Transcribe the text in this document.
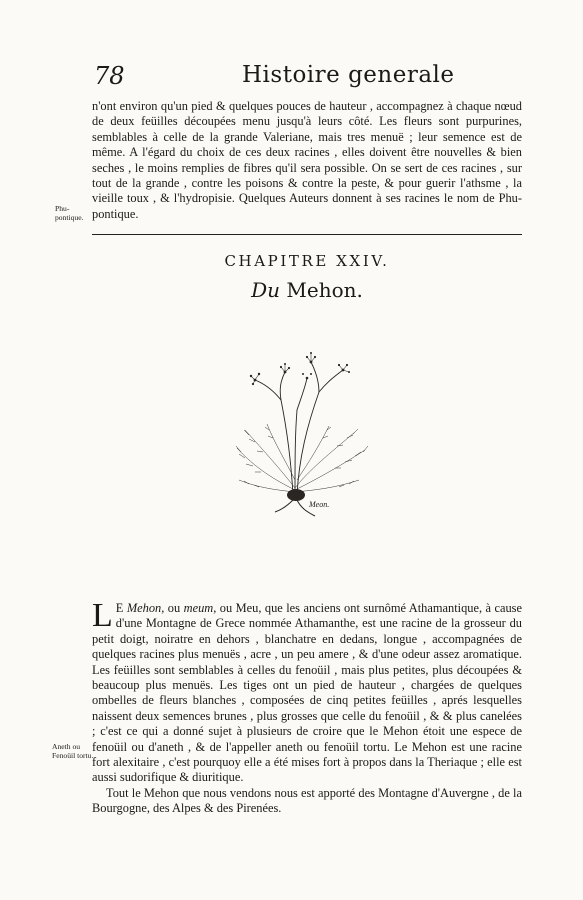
78	Histoire generale

n'ont environ qu'un pied & quelques pouces de hauteur , accompagnez à chaque nœud de deux feüilles découpées menu jusqu'à leurs côté. Les fleurs sont purpurines, semblables à celle de la grande Valeriane, mais tres menuë ; leur semence est de même. A l'égard du choix de ces deux racines , elles doivent être nouvelles & bien seches , le moins remplies de fibres qu'il sera possible. On se sert de ces racines , sur tout de la grande , contre les poisons & contre la peste, & pour guerir l'athsme , la vieille toux , & l'hydropisie. Quelques Auteurs donnent à ses racines le nom de Phu-pontique.

Phu-pontique.
CHAPITRE XXIV.
Du Mehon.
Meon.

L E Mehon, ou meum, ou Meu, que les anciens ont surnômé Athamantique, à cause d'une Montagne de Grece nommée Athamanthe, est une racine de la grosseur du petit doigt, noiratre en dehors , blanchatre en dedans, longue , accompagnées de quelques racines plus menuës , acre , un peu amere , & d'une odeur assez aromatique. Les feüilles sont semblables à celles du fenoüil , mais plus petites, plus découpées & beaucoup plus menuës. Les tiges ont un pied de hauteur , chargées de quelques ombelles de fleurs blanches , composées de cinq petites feüilles , aprés lesquelles naissent deux semences brunes , plus grosses que celle du fenoüil , & & plus canelées ; c'est ce qui a donné sujet à plusieurs de croire que le Mehon étoit une espece de fenoüil ou d'aneth , & de l'appeller aneth ou fenoüil tortu. Le Mehon est une racine fort alexitaire , c'est pourquoy elle a été mises fort à propos dans la Theriaque ; elle est aussi sudorifique & diuritique.

Tout le Mehon que nous vendons nous est apporté des Montagne d'Auvergne , de la Bourgogne, des Alpes & des Pirenées.

Aneth ou Fenoüil tortu.
